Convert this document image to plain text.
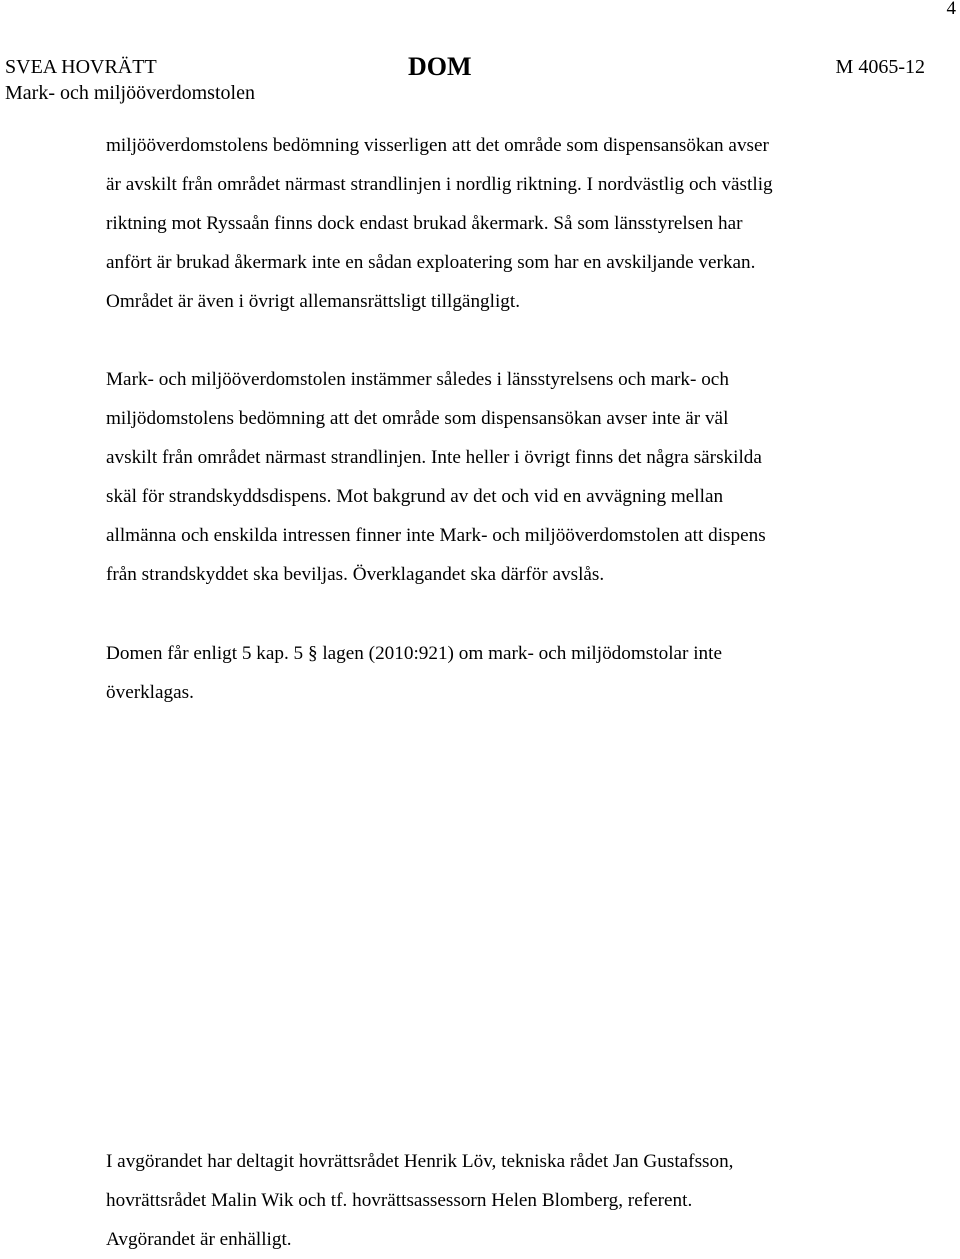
4
SVEA HOVRÄTT
Mark- och miljööverdomstolen
DOM	M 4065-12
miljööverdomstolens bedömning visserligen att det område som dispensansökan avser
är avskilt från området närmast strandlinjen i nordlig riktning. I nordvästlig och västlig
riktning mot Ryssaån finns dock endast brukad åkermark. Så som länsstyrelsen har
anfört är brukad åkermark inte en sådan exploatering som har en avskiljande verkan.
Området är även i övrigt allemansrättsligt tillgängligt.
Mark- och miljööverdomstolen instämmer således i länsstyrelsens och mark- och
miljödomstolens bedömning att det område som dispensansökan avser inte är väl
avskilt från området närmast strandlinjen. Inte heller i övrigt finns det några särskilda
skäl för strandskyddsdispens. Mot bakgrund av det och vid en avvägning mellan
allmänna och enskilda intressen finner inte Mark- och miljööverdomstolen att dispens
från strandskyddet ska beviljas. Överklagandet ska därför avslås.
Domen får enligt 5 kap. 5 § lagen (2010:921) om mark- och miljödomstolar inte
överklagas.
I avgörandet har deltagit hovrättsrådet Henrik Löv, tekniska rådet Jan Gustafsson,
hovrättsrådet Malin Wik och tf. hovrättsassessorn Helen Blomberg, referent.
Avgörandet är enhälligt.
